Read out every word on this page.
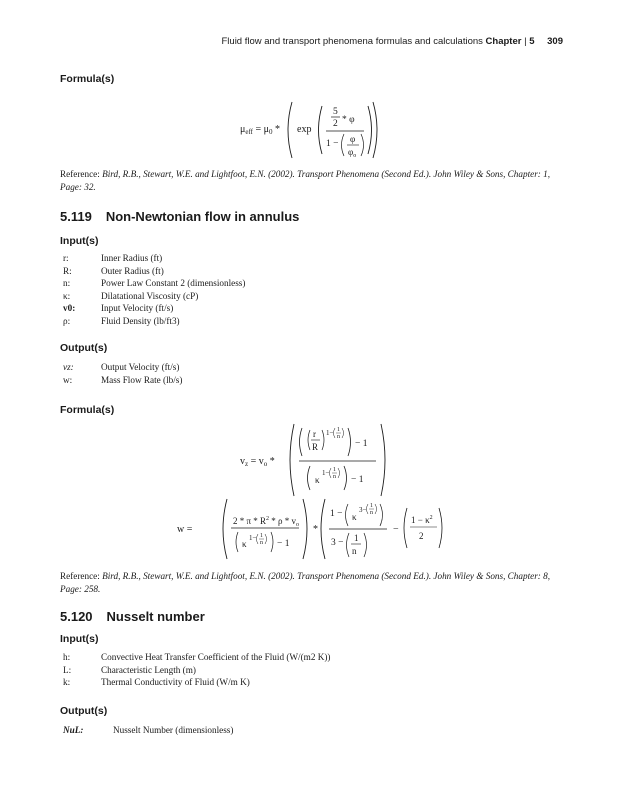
Fluid flow and transport phenomena formulas and calculations Chapter | 5 309
Formula(s)
$\mu_{eff} = \mu_0 * \exp$
5
2 * φ
1 − φ
$\varphi_o$
Reference: Bird, R.B., Stewart, W.E. and Lightfoot, E.N. (2002). Transport Phenomena (Second Ed.). John Wiley & Sons, Chapter: 1, Page: 32.
5.119 Non-Newtonian flow in annulus
Input(s)
r:	Inner Radius (ft)
R:	Outer Radius (ft)
n:	Power Law Constant 2 (dimensionless)
κ:	Dilatational Viscosity (cP)
v0:	Input Velocity (ft/s)
ρ:	Fluid Density (lb/ft3)
Output(s)
vz:	Output Velocity (ft/s)
w:	Mass Flow Rate (lb/s)
Formula(s)
$v_z = v_o$ *
r
R
1− 1
n
− 1
κ
1− 1
n − 1
w =
2 * π * $R^2$ * ρ * $v_o$
κ
1− 1
n − 1
*
1 − κ
3− 1
n
3 − 1
n
−
$1 - \kappa^2$
2
Reference: Bird, R.B., Stewart, W.E. and Lightfoot, E.N. (2002). Transport Phenomena (Second Ed.). John Wiley & Sons, Chapter: 8, Page: 258.
5.120 Nusselt number
Input(s)
h:	Convective Heat Transfer Coefficient of the Fluid (W/(m2 K))
L:	Characteristic Length (m)
k:	Thermal Conductivity of Fluid (W/m K)
Output(s)
NuL:	Nusselt Number (dimensionless)
